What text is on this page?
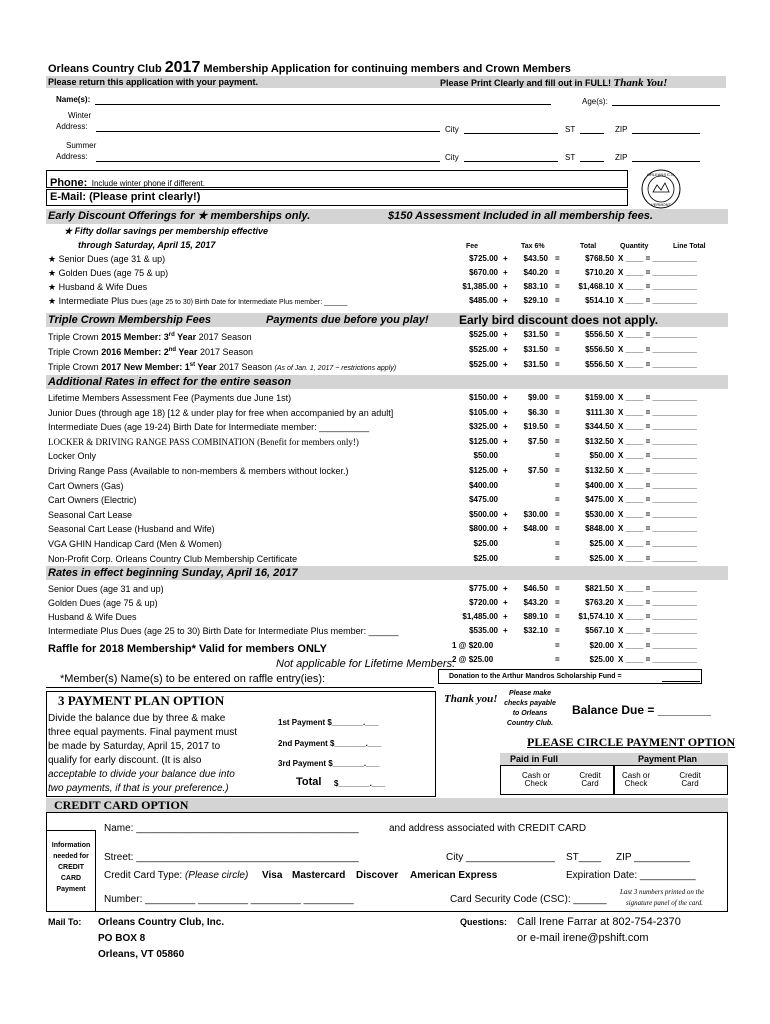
Orleans Country Club 2017 Membership Application for continuing members and Crown Members
Please return this application with your payment.	Please Print Clearly and fill out in FULL! Thank You!
Name(s):	Age(s):
Winter
Address:	City	ST	ZIP
Summer
Address:	City	ST	ZIP
Phone: Include winter phone if different.
E-Mail: (Please print clearly!)
ORLEANS C.C.
VERMONT
Early Discount Offerings for ★ memberships only.	$150 Assessment Included in all membership fees.
★ Fifty dollar savings per membership effective
through Saturday, April 15, 2017	Fee	Tax 6%	Total	Quantity	Line Total
★ Senior Dues (age 31 & up)	$725.00 +	$43.50 =	$768.50 X ____ = __________
★ Golden Dues (age 75 & up)	$670.00 +	$40.20 =	$710.20 X ____ = __________
★ Husband & Wife Dues	$1,385.00 +	$83.10 =	$1,468.10 X ____ = __________
★ Intermediate Plus Dues (age 25 to 30) Birth Date for Intermediate Plus member: ______	$485.00 +	$29.10 =	$514.10 X ____ = __________
Triple Crown Membership Fees	Payments due before you play!	Early bird discount does not apply.
Triple Crown 2015 Member: 3rd Year 2017 Season	$525.00 +	$31.50 =	$556.50 X ____ = __________
Triple Crown 2016 Member: 2nd Year 2017 Season	$525.00 +	$31.50 =	$556.50 X ____ = __________
Triple Crown 2017 New Member: 1st Year 2017 Season (As of Jan. 1, 2017 ~ restrictions apply)	$525.00 +	$31.50 =	$556.50 X ____ = __________
Additional Rates in effect for the entire season
Lifetime Members Assessment Fee (Payments due June 1st)	$150.00 +	$9.00 =	$159.00 X ____ = __________
Junior Dues (through age 18) [12 & under play for free when accompanied by an adult]	$105.00 +	$6.30 =	$111.30 X ____ = __________
Intermediate Dues (age 19-24) Birth Date for Intermediate member: __________	$325.00 +	$19.50 =	$344.50 X ____ = __________
LOCKER & DRIVING RANGE PASS COMBINATION (Benefit for members only!)	$125.00 +	$7.50 =	$132.50 X ____ = __________
Locker Only	$50.00	=	$50.00 X ____ = __________
Driving Range Pass (Available to non-members & members without locker.)	$125.00 +	$7.50 =	$132.50 X ____ = __________
Cart Owners (Gas)	$400.00	=	$400.00 X ____ = __________
Cart Owners (Electric)	$475.00	=	$475.00 X ____ = __________
Seasonal Cart Lease	$500.00 +	$30.00 =	$530.00 X ____ = __________
Seasonal Cart Lease (Husband and Wife)	$800.00 +	$48.00 =	$848.00 X ____ = __________
VGA GHIN Handicap Card (Men & Women)	$25.00	=	$25.00 X ____ = __________
Non-Profit Corp. Orleans Country Club Membership Certificate	$25.00	=	$25.00 X ____ = __________
Rates in effect beginning Sunday, April 16, 2017
Senior Dues (age 31 and up)	$775.00 +	$46.50 =	$821.50 X ____ = __________
Golden Dues (age 75 & up)	$720.00 +	$43.20 =	$763.20 X ____ = __________
Husband & Wife Dues	$1,485.00 +	$89.10 =	$1,574.10 X ____ = __________
Intermediate Plus Dues (age 25 to 30) Birth Date for Intermediate Plus member: ______	$535.00 +	$32.10 =	$567.10 X ____ = __________
Raffle for 2018 Membership* Valid for members ONLY
Not applicable for Lifetime Members.
*Member(s) Name(s) to be entered on raffle entry(ies):
1 @ $20.00	=	$20.00 X ____ = __________
2 @ $25.00	=	$25.00 X ____ = __________
Donation to the Arthur Mandros Scholarship Fund =
Thank you!	Please make
checks payable
to Orleans
Country Club.
Balance Due = ________
3 PAYMENT PLAN OPTION
Divide the balance due by three & make
three equal payments. Final payment must
be made by Saturday, April 15, 2017 to
qualify for early discount. (It is also
acceptable to divide your balance due into
two payments, if that is your preference.)
1st Payment $_______.___
2nd Payment $_______.___
3rd Payment $_______.___
Total $_______.___
PLEASE CIRCLE PAYMENT OPTION
Paid in Full	Payment Plan
Cash or
Check
Credit
Card
Cash or
Check
Credit
Card
CREDIT CARD OPTION
Information
needed for
CREDIT
CARD
Payment
Name: ________________________________________	and address associated with CREDIT CARD
Street: ________________________________________	City ________________ ST____ ZIP __________
Credit Card Type: (Please circle) Visa Mastercard Discover American Express	Expiration Date: __________
Number: _________ _________ _________ _________	Card Security Code (CSC): ______
Last 3 numbers printed on the
signature panel of the card.
Mail To: Orleans Country Club, Inc.
PO BOX 8
Orleans, VT 05860
Questions: Call Irene Farrar at 802-754-2370
or e-mail irene@pshift.com
